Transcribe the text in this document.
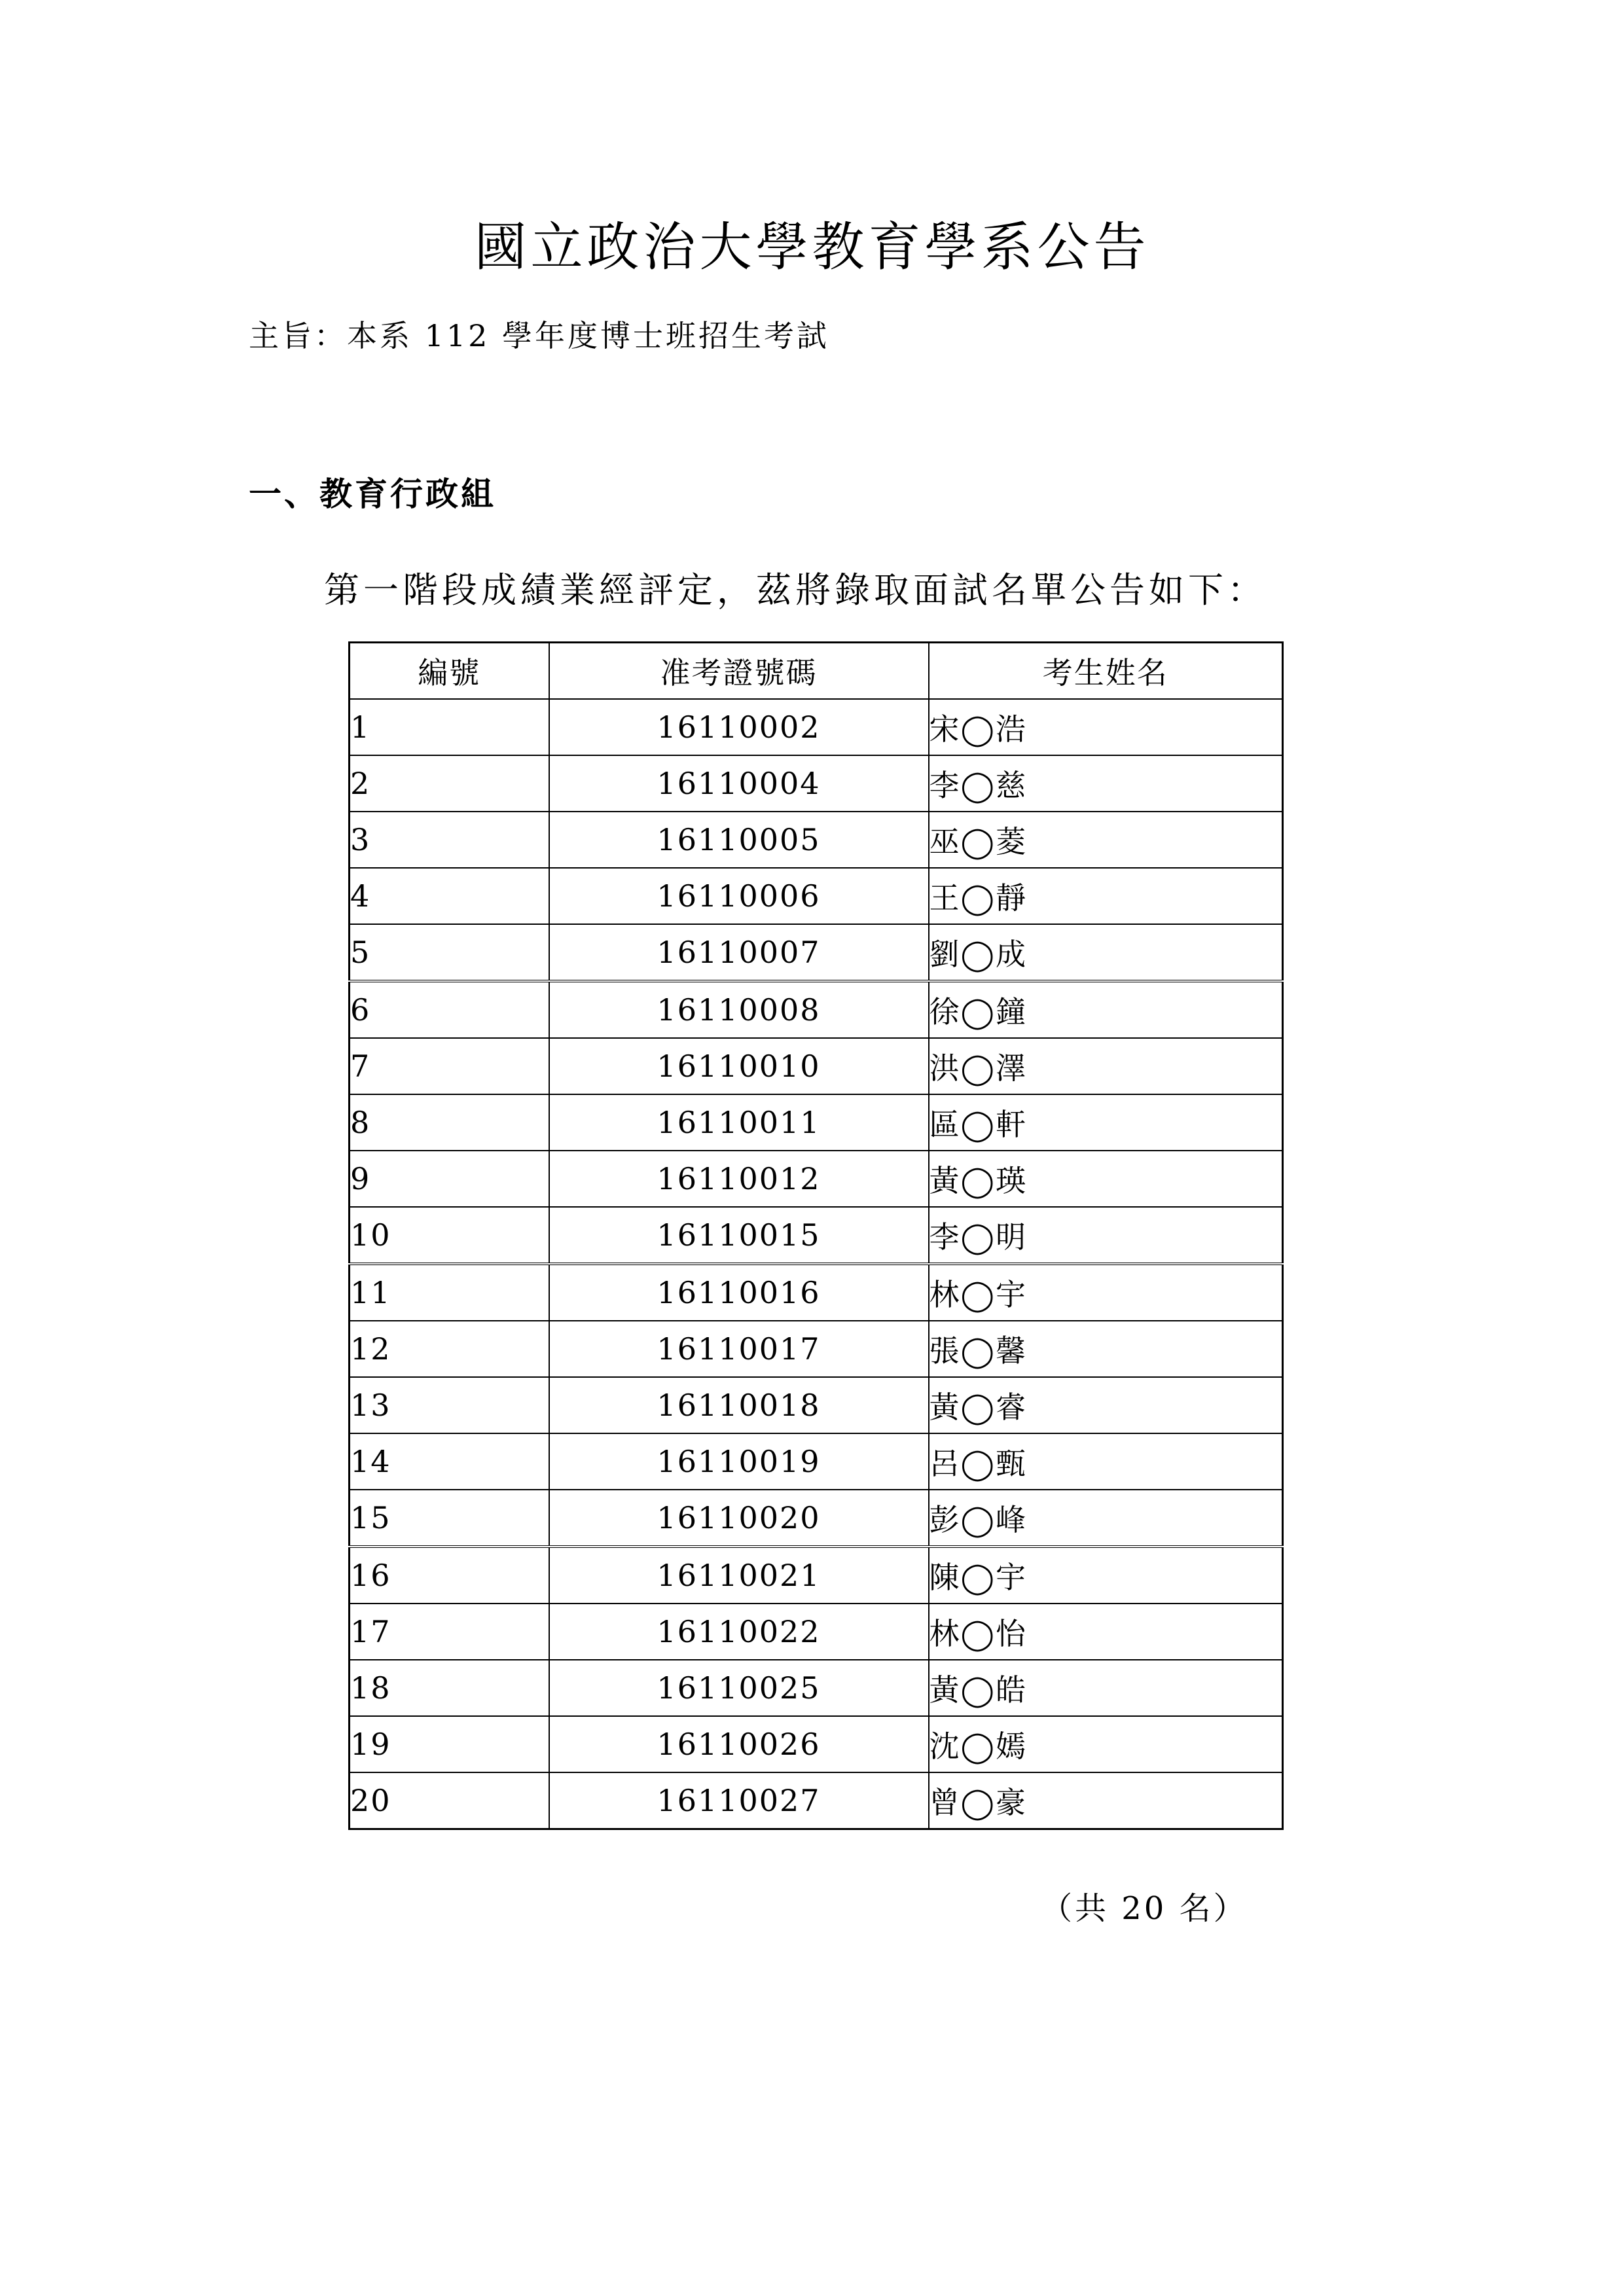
國立政治大學教育學系公告
主旨：本系 112 學年度博士班招生考試
一、教育行政組
第一階段成績業經評定，茲將錄取面試名單公告如下：
編號	准考證號碼	考生姓名
1	16110002	宋◯浩
2	16110004	李◯慈
3	16110005	巫◯菱
4	16110006	王◯靜
5	16110007	劉◯成
6	16110008	徐◯鐘
7	16110010	洪◯澤
8	16110011	區◯軒
9	16110012	黃◯瑛
10	16110015	李◯明
11	16110016	林◯宇
12	16110017	張◯馨
13	16110018	黃◯睿
14	16110019	呂◯甄
15	16110020	彭◯峰
16	16110021	陳◯宇
17	16110022	林◯怡
18	16110025	黃◯皓
19	16110026	沈◯嫣
20	16110027	曾◯豪
（共 20 名）
